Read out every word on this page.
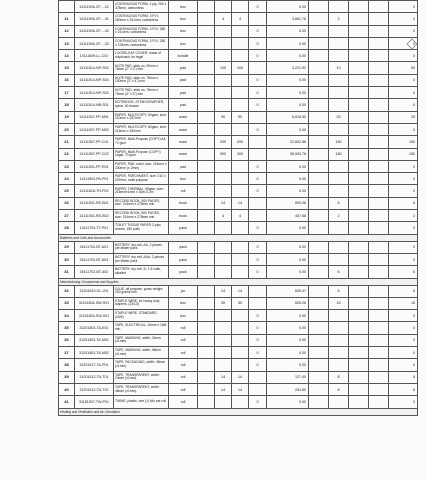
	14111506-CF-...22	CONTINUOUS FORM, 2 ply, 280 x 378mm, carbonless	box				0	0.00					0
11	14111506-CF-...31	CONTINUOUS FORM, 3 PLY, 280mm x 241mm, carbonless	box		4	4		3,661.76		2			2
12	14111506-CF-...32	CONTINUOUS FORM, 3 PLY, 280 x 241mm, carbonless	box				0	0.00					0
13	14111506-CF-...33	CONTINUOUS FORM, 3 PLY, 280 x 378mm, carbonless	box				0	0.00					0
14	14111609-LL-C01	LOOSELEAF COVER, made of chipboard, for legal	bundle				0	0.00					0
15	14111514-NP-S02	NOTE PAD, stick on, 50mm x 76mm (2" x 3") min	pad		100	100		3,221.92		10			50
16	14111514-NP-S04	NOTE PAD, stick on, 76mm x 100mm (3" x 4") min	pad				0	0.00					0
17	14111514-NP-S03	NOTE PAD, stick on, 76mm x 76mm (3" x 3") min	pad				0	0.00					0
18	14111514-NB-S01	NOTEBOOK, STENOGRAPHER, spiral, 40 leaves	pad				0	0.00					0
19	14111507-PP-M01	PAPER, MULTICOPY, 80gsm, size: 210mm x 297mm	ream		30	50		6,818.50		25			25
20	14111507-PP-M02	PAPER, MULTICOPY, 80gsm, size: 216mm x 330mm	ream				0	0.00					0
21	14111507-PP-C01	PAPER, Multi-Purpose (COPY) A4, 70 gsm	ream		200	200		22,802.88		150			150
22	14111507-PP-C02	PAPER, Multi-Purpose (COPY) Legal, 70 gsm	ream		300	300		38,993.76		150			150
23	14111531-PP-R01	PAPER, PAD, ruled, size: 216mm x 330mm (± 2mm)	pad				0	0.00					0
24	14111503-PA-P01	PAPER, PARCHMENT, size: 210 x 297mm, multi-purpose	box				0	0.00					0
25	14111818-TH-P02	PAPER, THERMAL, 55gsm, size: 216mm±1mm x 30m-0.3m	roll				0	0.00					0
26	14111531-RE-B01	RECORD BOOK, 300 PAGES, size: 214mm x 278mm min	book		14	14		890.08		8			6
27	14111531-RE-B02	RECORD BOOK, 500 PAGES, size: 214mm x 278mm min	book		4	4		407.68		2			2
28	14111704-TT-P01	TOILET TISSUE PAPER 2-plys sheets, 150 pulls	pack				0	0.00					0
Batteries and Cells and Accessories													
29	26111702-BT-A01	BATTERY, dry cell, AA, 2 pieces per blister pack	pack				0	0.00					0
30	26111702-BT-A03	BATTERY, dry cell, AAA, 2 pieces per blister pack	pack				0	0.00					0
31	26111702-BT-A02	BATTERY, dry cell, D, 1.5 volts, alkaline	pack				0	0.00		6			6
Manufacturing Components and Supplies													
32	31201610-GL-J01	GLUE, all purpose, gross weight: 200 grams min	jar		14	14		609.47		8			8
33	31151804-SW-H01	STAPLE WIRE, for heavy duty staplers, (23/13)	box		30	30		826.26		15			15
34	31151804-SW-S01	STAPLE WIRE, STANDARD, (26/6)	box				0	0.00					0
35	31201503-TA-E01	TAPE, ELECTRICAL, 18mm x 16M min	roll				0	0.00					0
36	31201503-TA-M01	TAPE, MASKING, width: 24mm (±1mm)	roll				0	0.00					0
37	31201503-TA-M02	TAPE, MASKING, width: 48mm (±1mm)	roll				0	0.00					0
38	31201517-TA-P01	TAPE, PACKAGING, width: 48mm (±1mm)	roll				0	0.00					0
39	31201512-TA-T01	TAPE, TRANSPARENT, width: 24mm (±1mm)	roll		14	14		127.40		8			8
40	31201512-TA-T02	TAPE, TRANSPARENT, width: 48mm (±1mm)	roll		14	14		254.80		8			8
41	31151507-TW-P01	TWINE, plastic, one (1) kilo per roll	roll				0	0.00					0
Heating and Ventilation and Air Circulation													
